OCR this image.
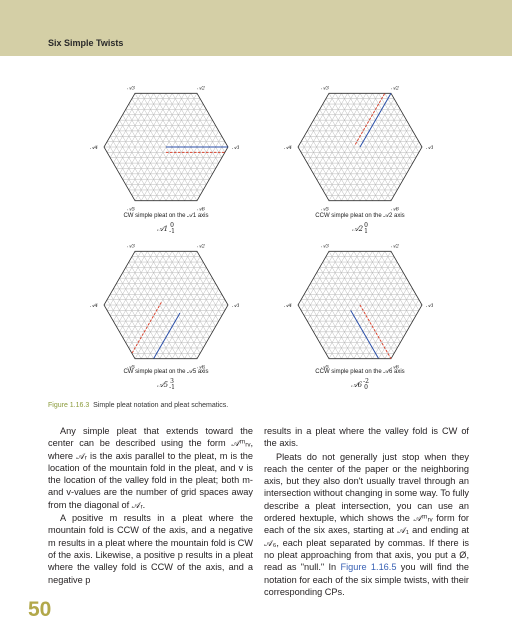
Six Simple Twists
𝒜1
𝒜2
𝒜3
𝒜4
𝒜5	𝒜6
CW simple pleat on the 𝒜1 axis
𝒜1 0
-1
𝒜1
𝒜2
𝒜3
𝒜4
𝒜5	𝒜6
CCW simple pleat on the 𝒜2 axis
𝒜20
1
𝒜1
𝒜2
𝒜3
𝒜4
𝒜5	𝒜6
CW simple pleat on the 𝒜5 axis
𝒜5 3
-1
𝒜1
𝒜2
𝒜3
𝒜4
𝒜5	𝒜6
CCW simple pleat on the 𝒜6 axis
𝒜6-2
0
Figure 1.16.3 Simple pleat notation and pleat schematics.

Any simple pleat that extends toward the center can be described using the form 𝒜ᵐᵣᵥ, where 𝒜ᵣ is the axis parallel to the pleat, m is the location of the mountain fold in the pleat, and v is the location of the valley fold in the pleat; both m- and v-values are the number of grid spaces away from the diagonal of 𝒜ᵣ.

A positive m results in a pleat where the mountain fold is CCW of the axis, and a negative m results in a pleat where the mountain fold is CW of the axis. Likewise, a positive p results in a pleat where the valley fold is CCW of the axis, and a negative p

results in a pleat where the valley fold is CW of the axis.

Pleats do not generally just stop when they reach the center of the paper or the neighboring axis, but they also don't usually travel through an intersection without changing in some way. To fully describe a pleat intersection, you can use an ordered hextuple, which shows the 𝒜ᵐᵣᵥ form for each of the six axes, starting at 𝒜₁ and ending at 𝒜₆, each pleat separated by commas. If there is no pleat approaching from that axis, you put a Ø, read as "null." In Figure 1.16.5 you will find the notation for each of the six simple twists, with their corresponding CPs.

50
